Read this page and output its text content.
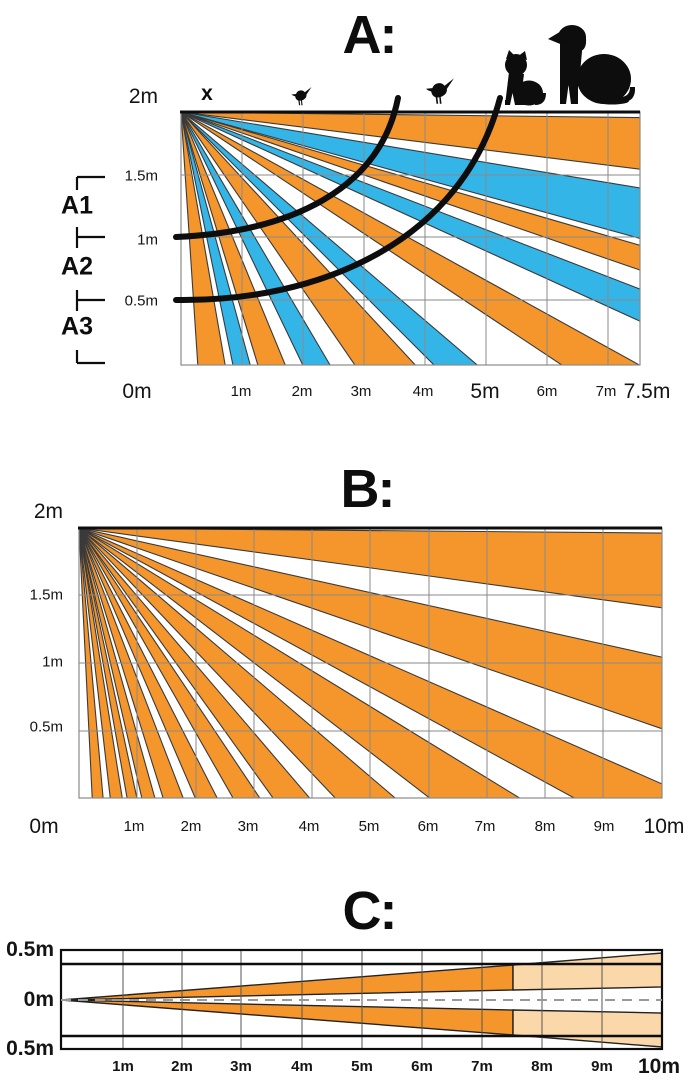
A:
B:
C:
x
0m	1m	2m	3m	4m 5m 6m	7m 7.5m
2m
1.5m
1m
0.5m
0m	1m 2m 3m	4m	5m	6m 7m	8m	9m 10m
2m
1.5m
1m
0.5m
1m 2m 3m	4m	5m	6m	7m	8m	9m 10m
0.5m
0m
0.5m
A1
A2
A3
